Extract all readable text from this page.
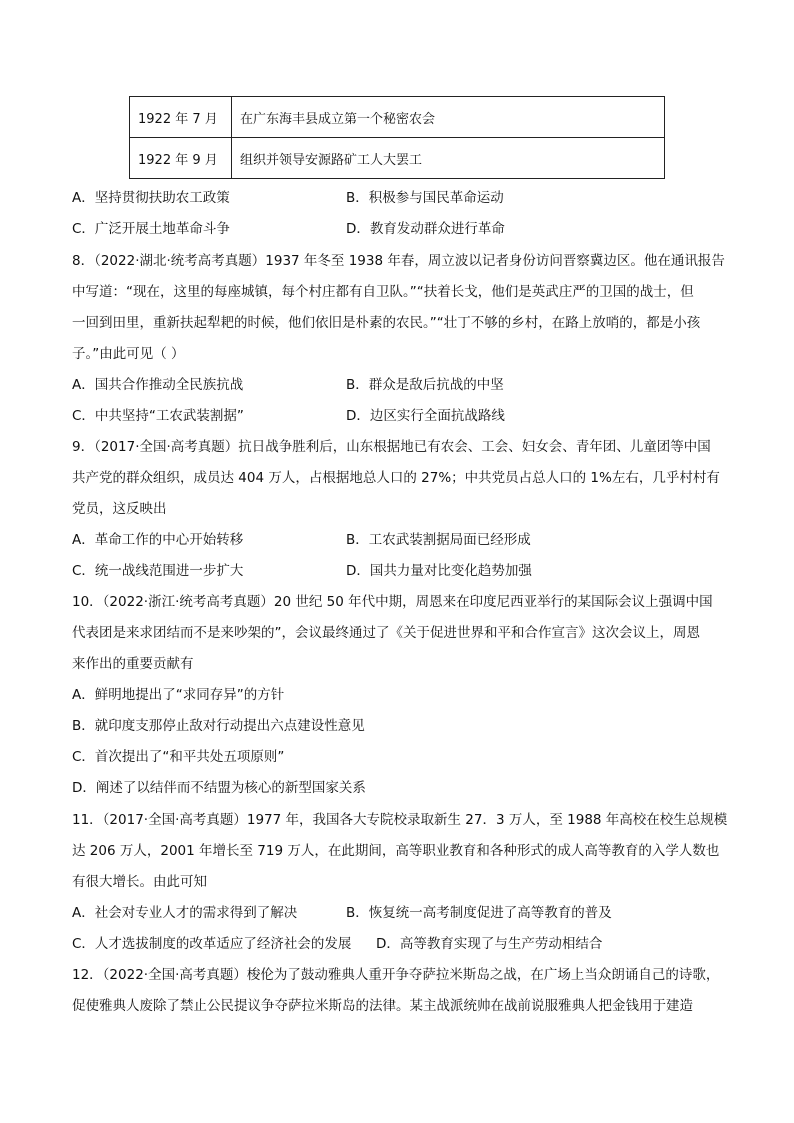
1922 年 7 月	在广东海丰县成立第一个秘密农会
1922 年 9 月	组织并领导安源路矿工人大罢工
A．坚持贯彻扶助农工政策	B．积极参与国民革命运动
C．广泛开展土地革命斗争	D．教育发动群众进行革命
8．（2022·湖北·统考高考真题）1937 年冬至 1938 年春，周立波以记者身份访问晋察冀边区。他在通讯报告
中写道：“现在，这里的每座城镇，每个村庄都有自卫队。”“扶着长戈，他们是英武庄严的卫国的战士，但
一回到田里，重新扶起犁耙的时候，他们依旧是朴素的农民。”“壮丁不够的乡村，在路上放哨的，都是小孩
子。”由此可见（ ）
A．国共合作推动全民族抗战	B．群众是敌后抗战的中坚
C．中共坚持“工农武装割据”	D．边区实行全面抗战路线
9．（2017·全国·高考真题）抗日战争胜利后，山东根据地已有农会、工会、妇女会、青年团、儿童团等中国
共产党的群众组织，成员达 404 万人，占根据地总人口的 27%；中共党员占总人口的 1%左右，几乎村村有
党员，这反映出
A．革命工作的中心开始转移	B．工农武装割据局面已经形成
C．统一战线范围进一步扩大	D．国共力量对比变化趋势加强
10．（2022·浙江·统考高考真题）20 世纪 50 年代中期，周恩来在印度尼西亚举行的某国际会议上强调中国
代表团是来求团结而不是来吵架的”，会议最终通过了《关于促进世界和平和合作宣言》这次会议上，周恩
来作出的重要贡献有
A．鲜明地提出了“求同存异”的方针
B．就印度支那停止敌对行动提出六点建设性意见
C．首次提出了“和平共处五项原则”
D．阐述了以结伴而不结盟为核心的新型国家关系
11．（2017·全国·高考真题）1977 年，我国各大专院校录取新生 27．3 万人，至 1988 年高校在校生总规模
达 206 万人，2001 年增长至 719 万人，在此期间，高等职业教育和各种形式的成人高等教育的入学人数也
有很大增长。由此可知
A．社会对专业人才的需求得到了解决	B．恢复统一高考制度促进了高等教育的普及
C．人才选拔制度的改革适应了经济社会的发展 D．高等教育实现了与生产劳动相结合
12．（2022·全国·高考真题）梭伦为了鼓动雅典人重开争夺萨拉米斯岛之战，在广场上当众朗诵自己的诗歌，
促使雅典人废除了禁止公民提议争夺萨拉米斯岛的法律。某主战派统帅在战前说服雅典人把金钱用于建造
